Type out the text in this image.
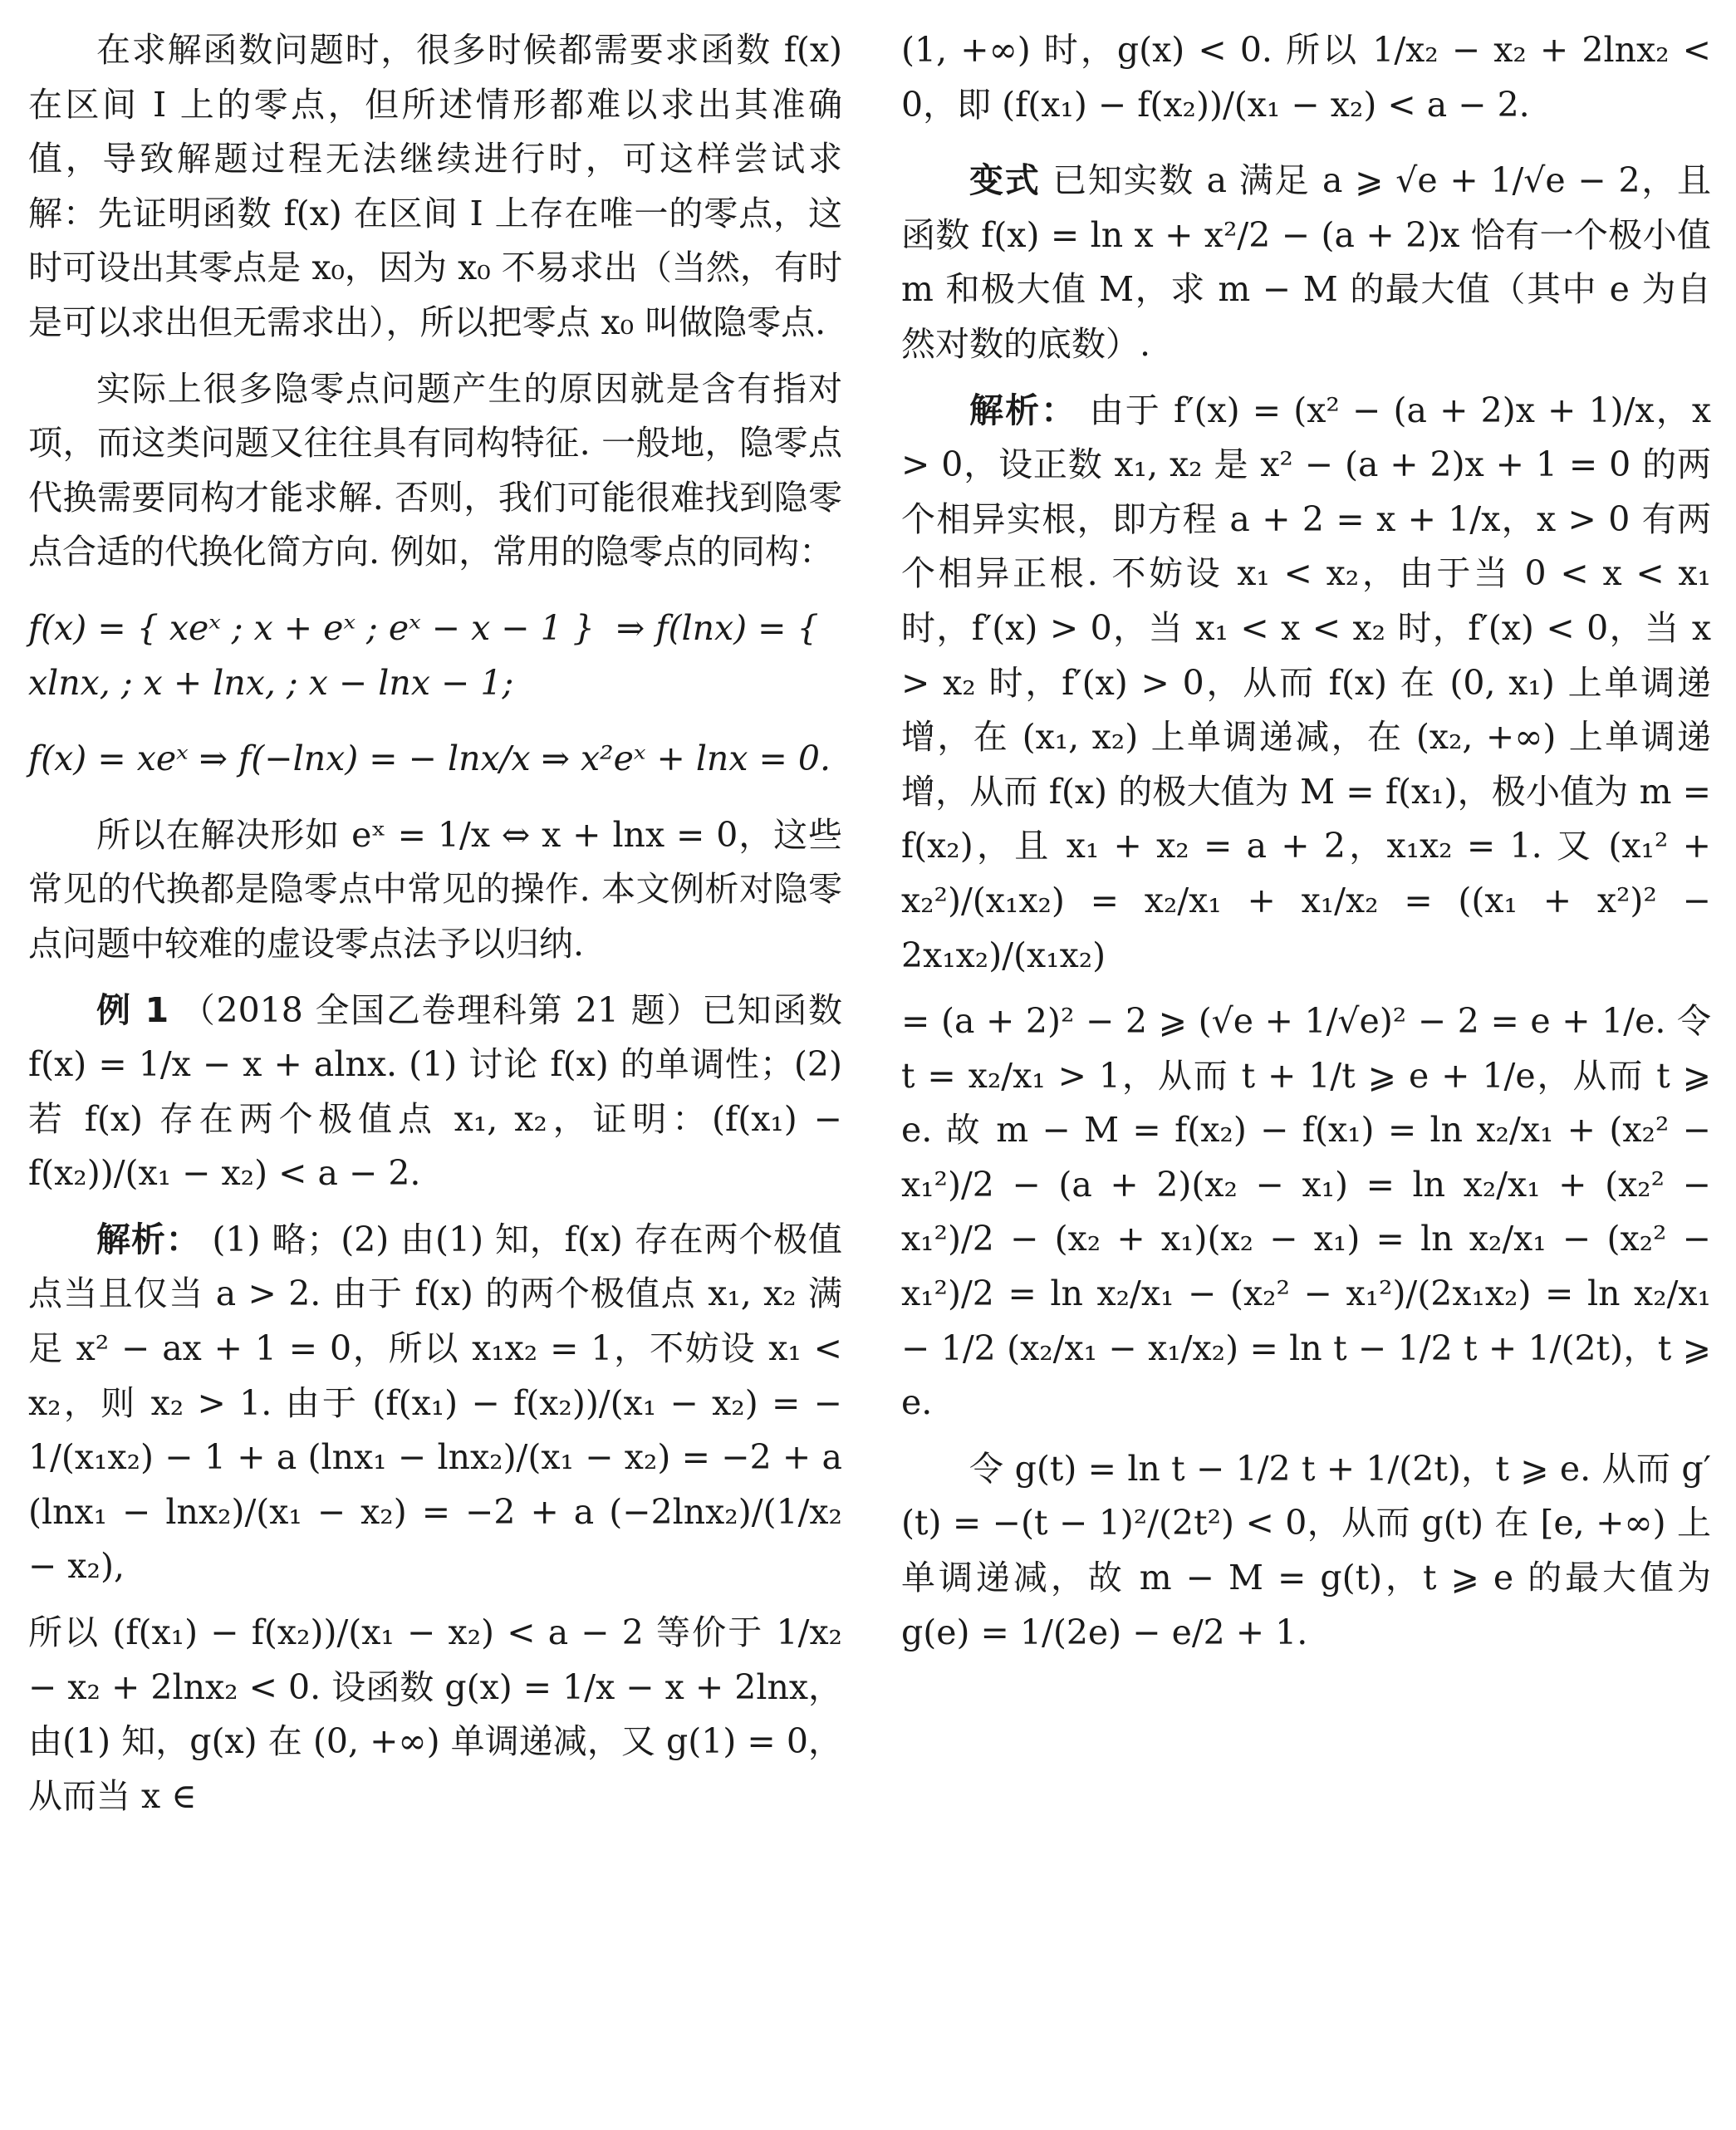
在求解函数问题时，很多时候都需要求函数 f(x) 在区间 I 上的零点，但所述情形都难以求出其准确值，导致解题过程无法继续进行时，可这样尝试求解：先证明函数 f(x) 在区间 I 上存在唯一的零点，这时可设出其零点是 x₀，因为 x₀ 不易求出（当然，有时是可以求出但无需求出），所以把零点 x₀ 叫做隐零点.

实际上很多隐零点问题产生的原因就是含有指对项，而这类问题又往往具有同构特征. 一般地，隐零点代换需要同构才能求解. 否则，我们可能很难找到隐零点合适的代换化简方向. 例如，常用的隐零点的同构：

f(x) = { xeˣ ; x + eˣ ; eˣ − x − 1 }  ⇒ f(lnx) = { xlnx, ; x + lnx, ; x − lnx − 1;

f(x) = xeˣ ⇒ f(−lnx) = − lnx/x ⇒ x²eˣ + lnx = 0.

所以在解决形如 eˣ = 1/x ⇔ x + lnx = 0，这些常见的代换都是隐零点中常见的操作. 本文例析对隐零点问题中较难的虚设零点法予以归纳.

例 1 （2018 全国乙卷理科第 21 题）已知函数 f(x) = 1/x − x + alnx. (1) 讨论 f(x) 的单调性；(2) 若 f(x) 存在两个极值点 x₁, x₂，证明：(f(x₁) − f(x₂))/(x₁ − x₂) < a − 2.

解析： (1) 略；(2) 由(1) 知，f(x) 存在两个极值点当且仅当 a > 2. 由于 f(x) 的两个极值点 x₁, x₂ 满足 x² − ax + 1 = 0，所以 x₁x₂ = 1，不妨设 x₁ < x₂，则 x₂ > 1. 由于 (f(x₁) − f(x₂))/(x₁ − x₂) = − 1/(x₁x₂) − 1 + a (lnx₁ − lnx₂)/(x₁ − x₂) = −2 + a (lnx₁ − lnx₂)/(x₁ − x₂) = −2 + a (−2lnx₂)/(1/x₂ − x₂),

所以 (f(x₁) − f(x₂))/(x₁ − x₂) < a − 2 等价于 1/x₂ − x₂ + 2lnx₂ < 0. 设函数 g(x) = 1/x − x + 2lnx，由(1) 知，g(x) 在 (0, +∞) 单调递减，又 g(1) = 0，从而当 x ∈

(1, +∞) 时，g(x) < 0. 所以 1/x₂ − x₂ + 2lnx₂ < 0，即 (f(x₁) − f(x₂))/(x₁ − x₂) < a − 2.

变式 已知实数 a 满足 a ⩾ √e + 1/√e − 2，且函数 f(x) = ln x + x²/2 − (a + 2)x 恰有一个极小值 m 和极大值 M，求 m − M 的最大值（其中 e 为自然对数的底数）.

解析： 由于 f′(x) = (x² − (a + 2)x + 1)/x，x > 0，设正数 x₁, x₂ 是 x² − (a + 2)x + 1 = 0 的两个相异实根，即方程 a + 2 = x + 1/x，x > 0 有两个相异正根. 不妨设 x₁ < x₂，由于当 0 < x < x₁ 时，f′(x) > 0，当 x₁ < x < x₂ 时，f′(x) < 0，当 x > x₂ 时，f′(x) > 0，从而 f(x) 在 (0, x₁) 上单调递增，在 (x₁, x₂) 上单调递减，在 (x₂, +∞) 上单调递增，从而 f(x) 的极大值为 M = f(x₁)，极小值为 m = f(x₂)，且 x₁ + x₂ = a + 2，x₁x₂ = 1. 又 (x₁² + x₂²)/(x₁x₂) = x₂/x₁ + x₁/x₂ = ((x₁ + x²)² − 2x₁x₂)/(x₁x₂)

= (a + 2)² − 2 ⩾ (√e + 1/√e)² − 2 = e + 1/e. 令 t = x₂/x₁ > 1，从而 t + 1/t ⩾ e + 1/e，从而 t ⩾ e. 故 m − M = f(x₂) − f(x₁) = ln x₂/x₁ + (x₂² − x₁²)/2 − (a + 2)(x₂ − x₁) = ln x₂/x₁ + (x₂² − x₁²)/2 − (x₂ + x₁)(x₂ − x₁) = ln x₂/x₁ − (x₂² − x₁²)/2 = ln x₂/x₁ − (x₂² − x₁²)/(2x₁x₂) = ln x₂/x₁ − 1/2 (x₂/x₁ − x₁/x₂) = ln t − 1/2 t + 1/(2t)，t ⩾ e.

令 g(t) = ln t − 1/2 t + 1/(2t)，t ⩾ e. 从而 g′(t) = −(t − 1)²/(2t²) < 0，从而 g(t) 在 [e, +∞) 上单调递减，故 m − M = g(t)，t ⩾ e 的最大值为 g(e) = 1/(2e) − e/2 + 1.
